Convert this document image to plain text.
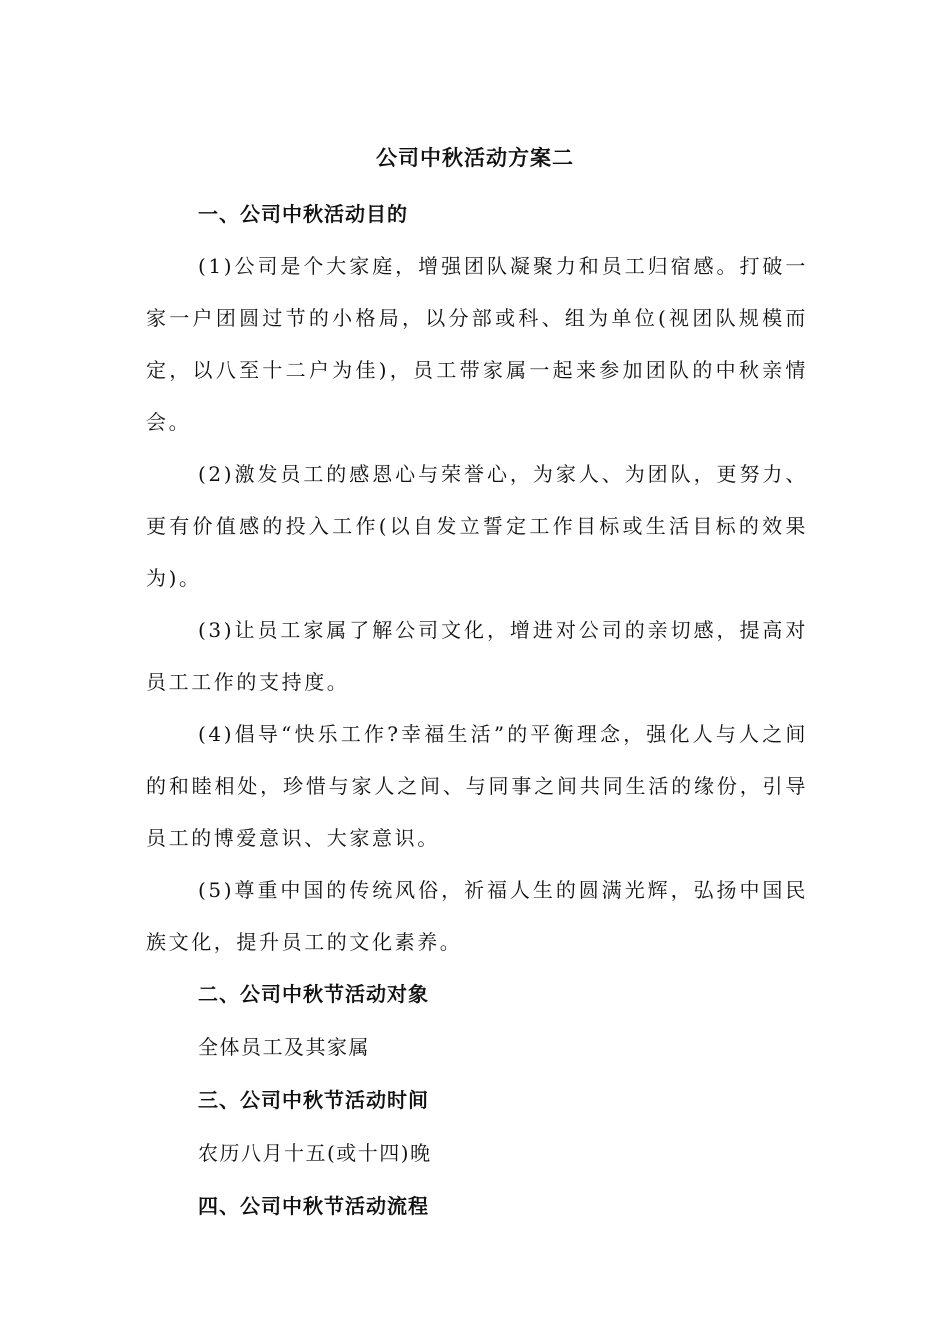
公司中秋活动方案二
一、公司中秋活动目的

(1)公司是个大家庭，增强团队凝聚力和员工归宿感。打破一家一户团圆过节的小格局，以分部或科、组为单位(视团队规模而定，以八至十二户为佳)，员工带家属一起来参加团队的中秋亲情会。

(2)激发员工的感恩心与荣誉心，为家人、为团队，更努力、更有价值感的投入工作(以自发立誓定工作目标或生活目标的效果为)。

(3)让员工家属了解公司文化，增进对公司的亲切感，提高对员工工作的支持度。

(4)倡导“快乐工作?幸福生活”的平衡理念，强化人与人之间的和睦相处，珍惜与家人之间、与同事之间共同生活的缘份，引导员工的博爱意识、大家意识。

(5)尊重中国的传统风俗，祈福人生的圆满光辉，弘扬中国民族文化，提升员工的文化素养。

二、公司中秋节活动对象
全体员工及其家属
三、公司中秋节活动时间
农历八月十五(或十四)晚
四、公司中秋节活动流程
